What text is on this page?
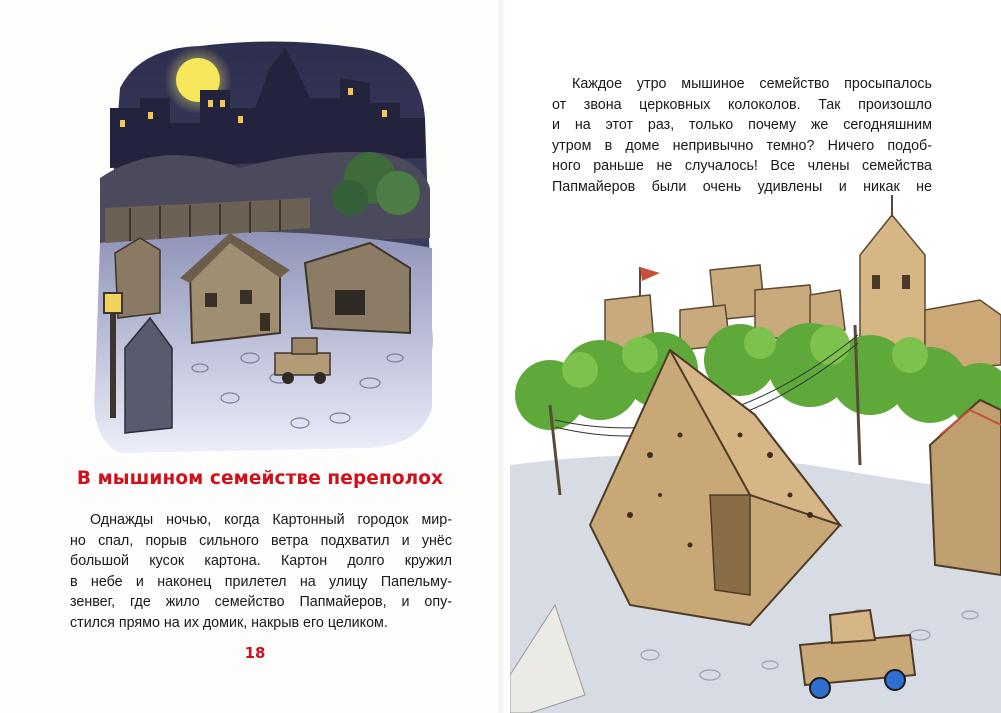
В мышином семействе переполох
Однажды ночью, когда Картонный городок мир-
но спал, порыв сильного ветра подхватил и унёс
большой кусок картона. Картон долго кружил
в небе и наконец прилетел на улицу Папельму-
зенвег, где жило семейство Папмайеров, и опу-
стился прямо на их домик, накрыв его целиком.
18
Каждое утро мышиное семейство просыпалось
от звона церковных колоколов. Так произошло
и на этот раз, только почему же сегодняшним
утром в доме непривычно темно? Ничего подоб-
ного раньше не случалось! Все члены семейства
Папмайеров были очень удивлены и никак не
